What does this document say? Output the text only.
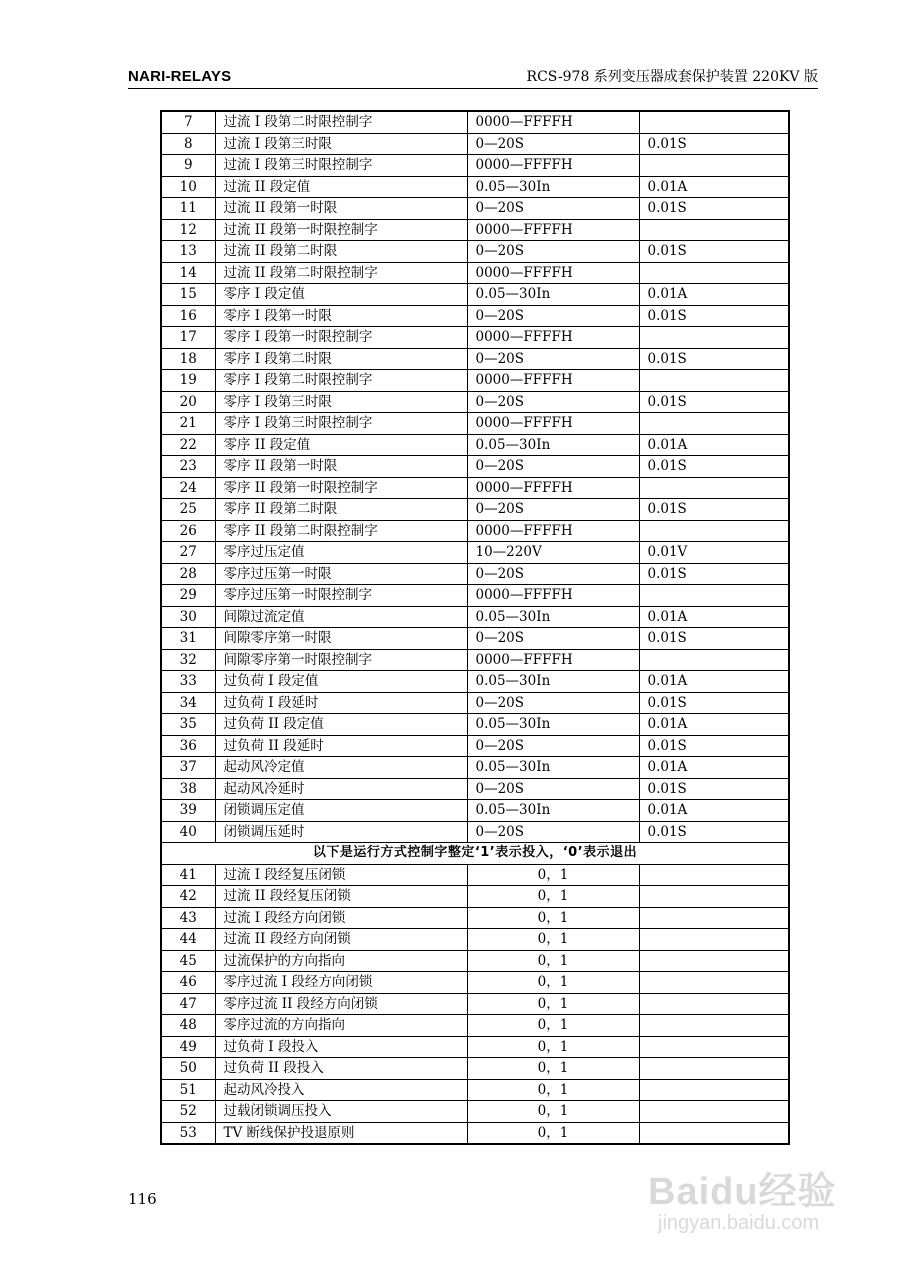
NARI-RELAYS	RCS-978 系列变压器成套保护装置 220KV 版
7	过流 I 段第二时限控制字	0000—FFFFH	
8	过流 I 段第三时限	0—20S	0.01S
9	过流 I 段第三时限控制字	0000—FFFFH	
10	过流 II 段定值	0.05—30In	0.01A
11	过流 II 段第一时限	0—20S	0.01S
12	过流 II 段第一时限控制字	0000—FFFFH	
13	过流 II 段第二时限	0—20S	0.01S
14	过流 II 段第二时限控制字	0000—FFFFH	
15	零序 I 段定值	0.05—30In	0.01A
16	零序 I 段第一时限	0—20S	0.01S
17	零序 I 段第一时限控制字	0000—FFFFH	
18	零序 I 段第二时限	0—20S	0.01S
19	零序 I 段第二时限控制字	0000—FFFFH	
20	零序 I 段第三时限	0—20S	0.01S
21	零序 I 段第三时限控制字	0000—FFFFH	
22	零序 II 段定值	0.05—30In	0.01A
23	零序 II 段第一时限	0—20S	0.01S
24	零序 II 段第一时限控制字	0000—FFFFH	
25	零序 II 段第二时限	0—20S	0.01S
26	零序 II 段第二时限控制字	0000—FFFFH	
27	零序过压定值	10—220V	0.01V
28	零序过压第一时限	0—20S	0.01S
29	零序过压第一时限控制字	0000—FFFFH	
30	间隙过流定值	0.05—30In	0.01A
31	间隙零序第一时限	0—20S	0.01S
32	间隙零序第一时限控制字	0000—FFFFH	
33	过负荷 I 段定值	0.05—30In	0.01A
34	过负荷 I 段延时	0—20S	0.01S
35	过负荷 II 段定值	0.05—30In	0.01A
36	过负荷 II 段延时	0—20S	0.01S
37	起动风冷定值	0.05—30In	0.01A
38	起动风冷延时	0—20S	0.01S
39	闭锁调压定值	0.05—30In	0.01A
40	闭锁调压延时	0—20S	0.01S
以下是运行方式控制字整定‘1’表示投入，‘0’表示退出			
41	过流 I 段经复压闭锁	0，1	
42	过流 II 段经复压闭锁	0，1	
43	过流 I 段经方向闭锁	0，1	
44	过流 II 段经方向闭锁	0，1	
45	过流保护的方向指向	0，1	
46	零序过流 I 段经方向闭锁	0，1	
47	零序过流 II 段经方向闭锁	0，1	
48	零序过流的方向指向	0，1	
49	过负荷 I 段投入	0，1	
50	过负荷 II 段投入	0，1	
51	起动风冷投入	0，1	
52	过载闭锁调压投入	0，1	
53	TV 断线保护投退原则	0，1	
116	Baidu经验
jingyan.baidu.com
